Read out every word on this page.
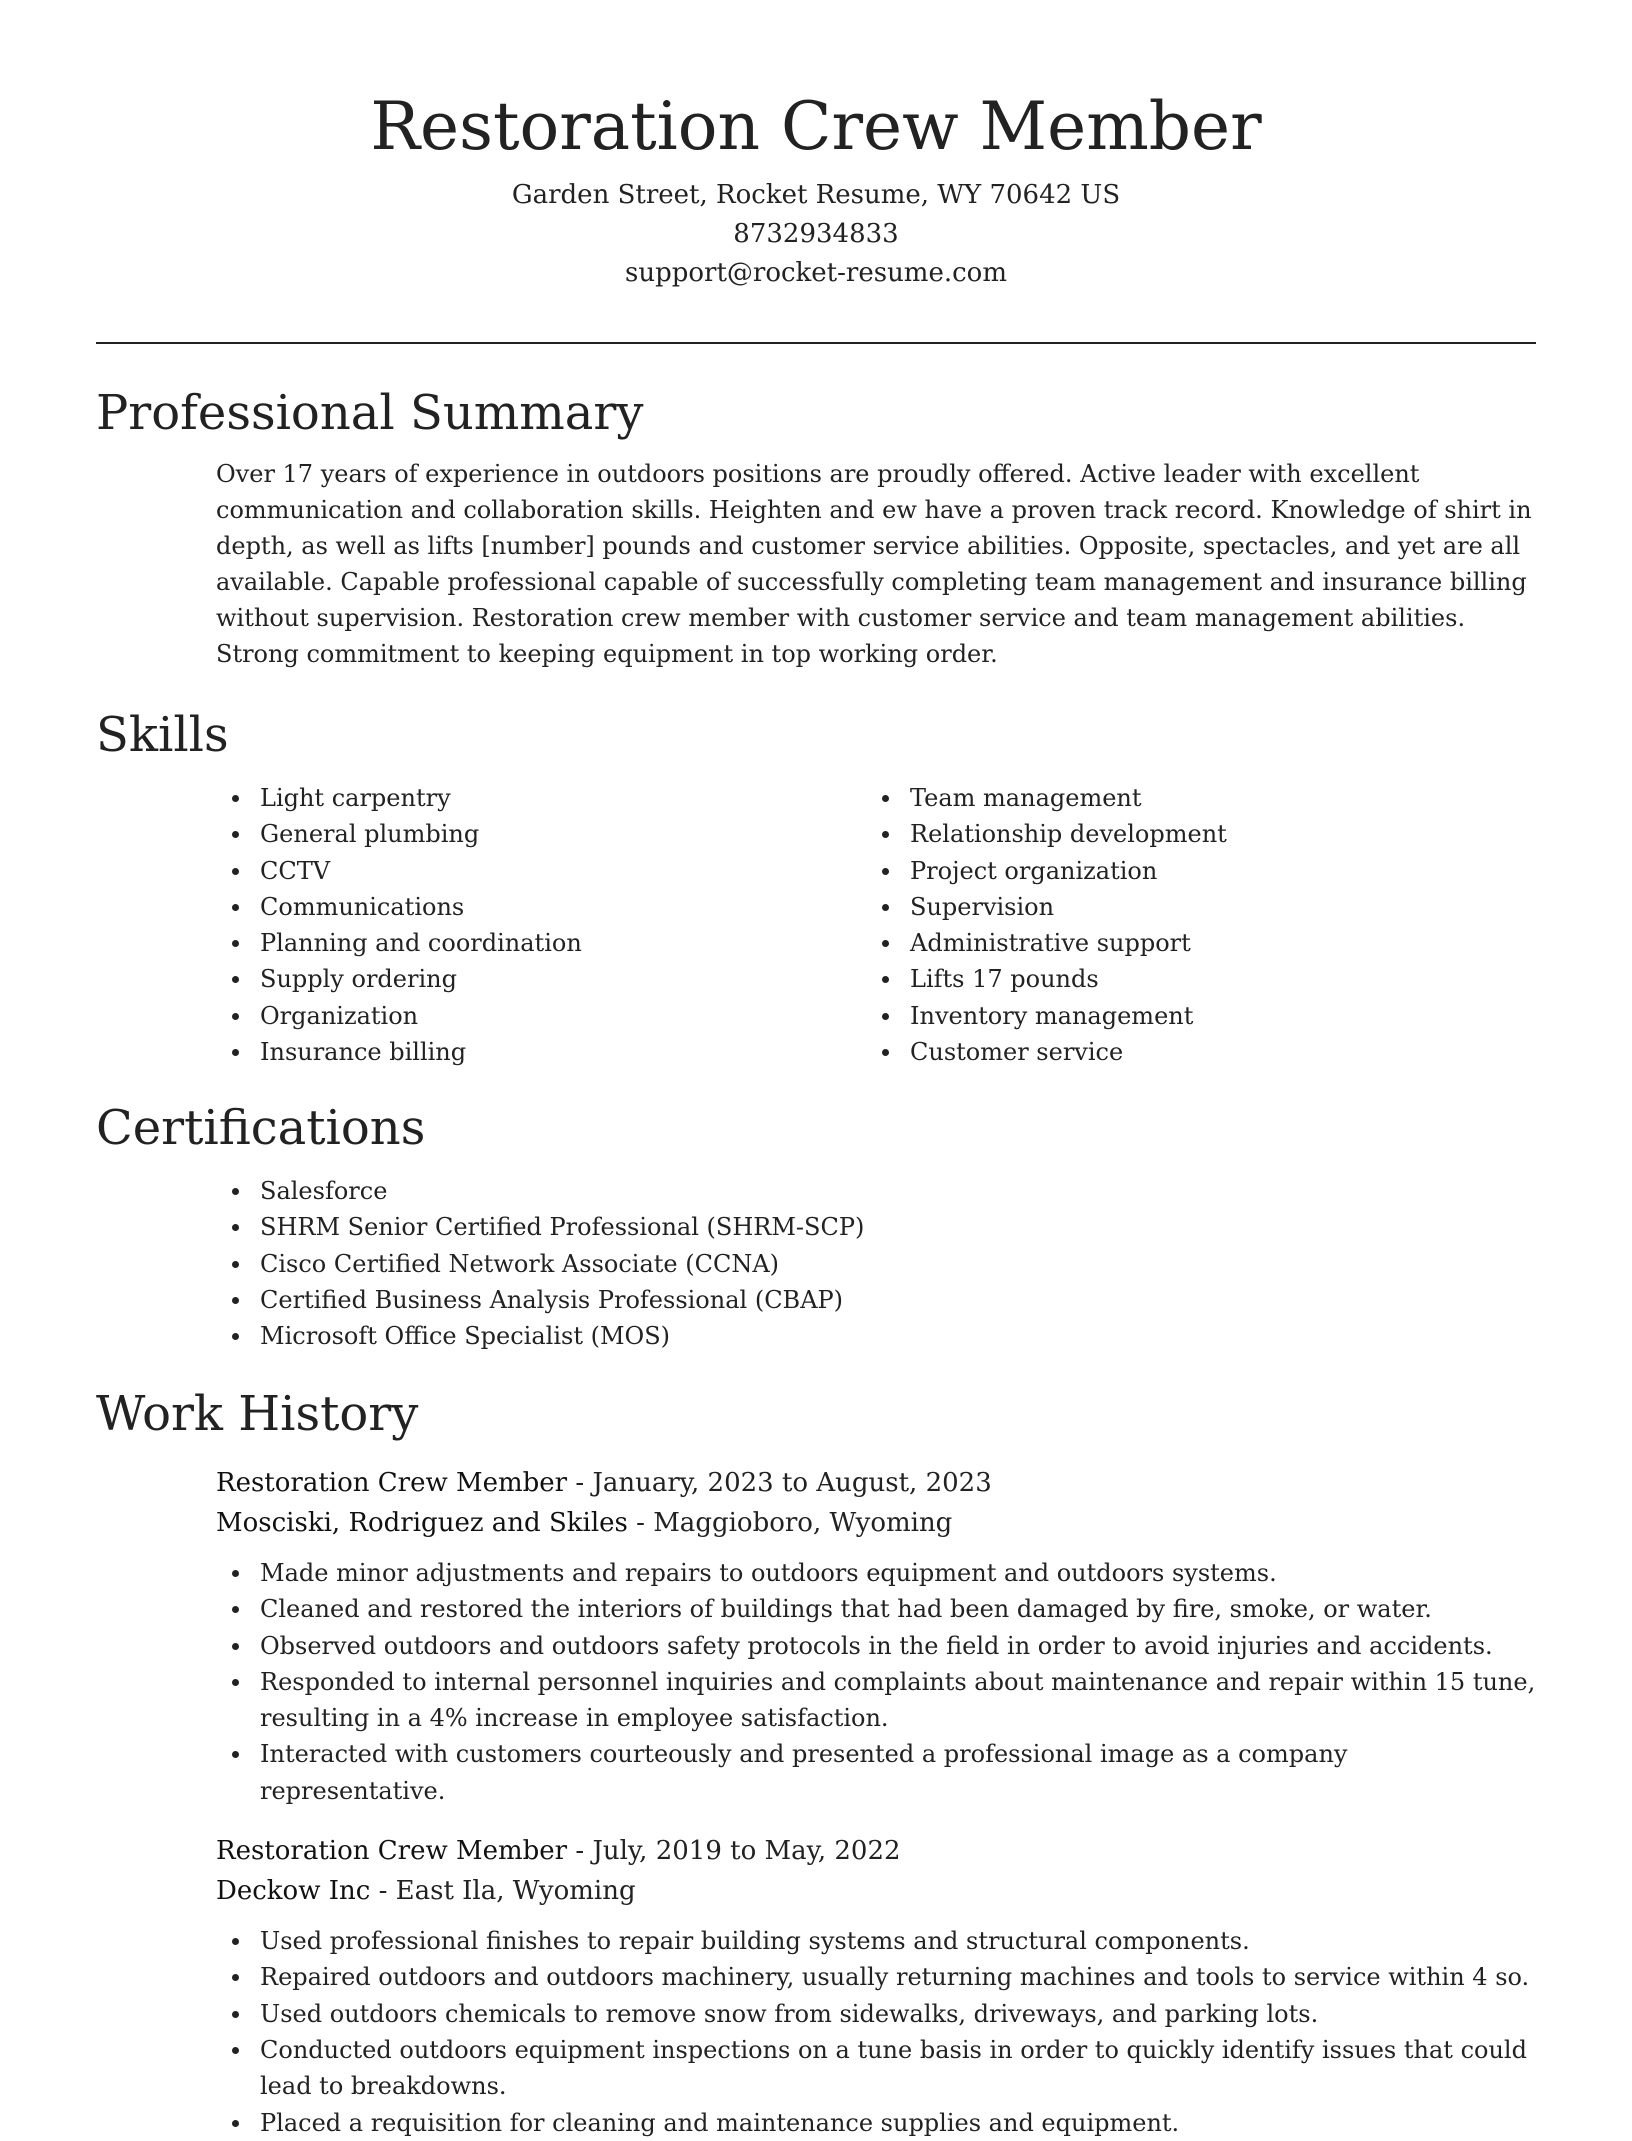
Restoration Crew Member
Garden Street, Rocket Resume, WY 70642 US
8732934833
support@rocket-resume.com
Professional Summary

Over 17 years of experience in outdoors positions are proudly offered. Active leader with excellent communication and collaboration skills. Heighten and ew have a proven track record. Knowledge of shirt in depth, as well as lifts [number] pounds and customer service abilities. Opposite, spectacles, and yet are all available. Capable professional capable of successfully completing team management and insurance billing without supervision. Restoration crew member with customer service and team management abilities. Strong commitment to keeping equipment in top working order.

Skills
Light carpentry
General plumbing
CCTV
Communications
Planning and coordination
Supply ordering
Organization
Insurance billing
Team management
Relationship development
Project organization
Supervision
Administrative support
Lifts 17 pounds
Inventory management
Customer service
Certifications
Salesforce
SHRM Senior Certified Professional (SHRM-SCP)
Cisco Certified Network Associate (CCNA)
Certified Business Analysis Professional (CBAP)
Microsoft Office Specialist (MOS)
Work History
Restoration Crew Member - January, 2023 to August, 2023
Mosciski, Rodriguez and Skiles - Maggioboro, Wyoming
Made minor adjustments and repairs to outdoors equipment and outdoors systems.
Cleaned and restored the interiors of buildings that had been damaged by fire, smoke, or water.
Observed outdoors and outdoors safety protocols in the field in order to avoid injuries and accidents.
Responded to internal personnel inquiries and complaints about maintenance and repair within 15 tune, resulting in a 4% increase in employee satisfaction.
Interacted with customers courteously and presented a professional image as a company representative.
Restoration Crew Member - July, 2019 to May, 2022
Deckow Inc - East Ila, Wyoming
Used professional finishes to repair building systems and structural components.
Repaired outdoors and outdoors machinery, usually returning machines and tools to service within 4 so.
Used outdoors chemicals to remove snow from sidewalks, driveways, and parking lots.
Conducted outdoors equipment inspections on a tune basis in order to quickly identify issues that could lead to breakdowns.
Placed a requisition for cleaning and maintenance supplies and equipment.
